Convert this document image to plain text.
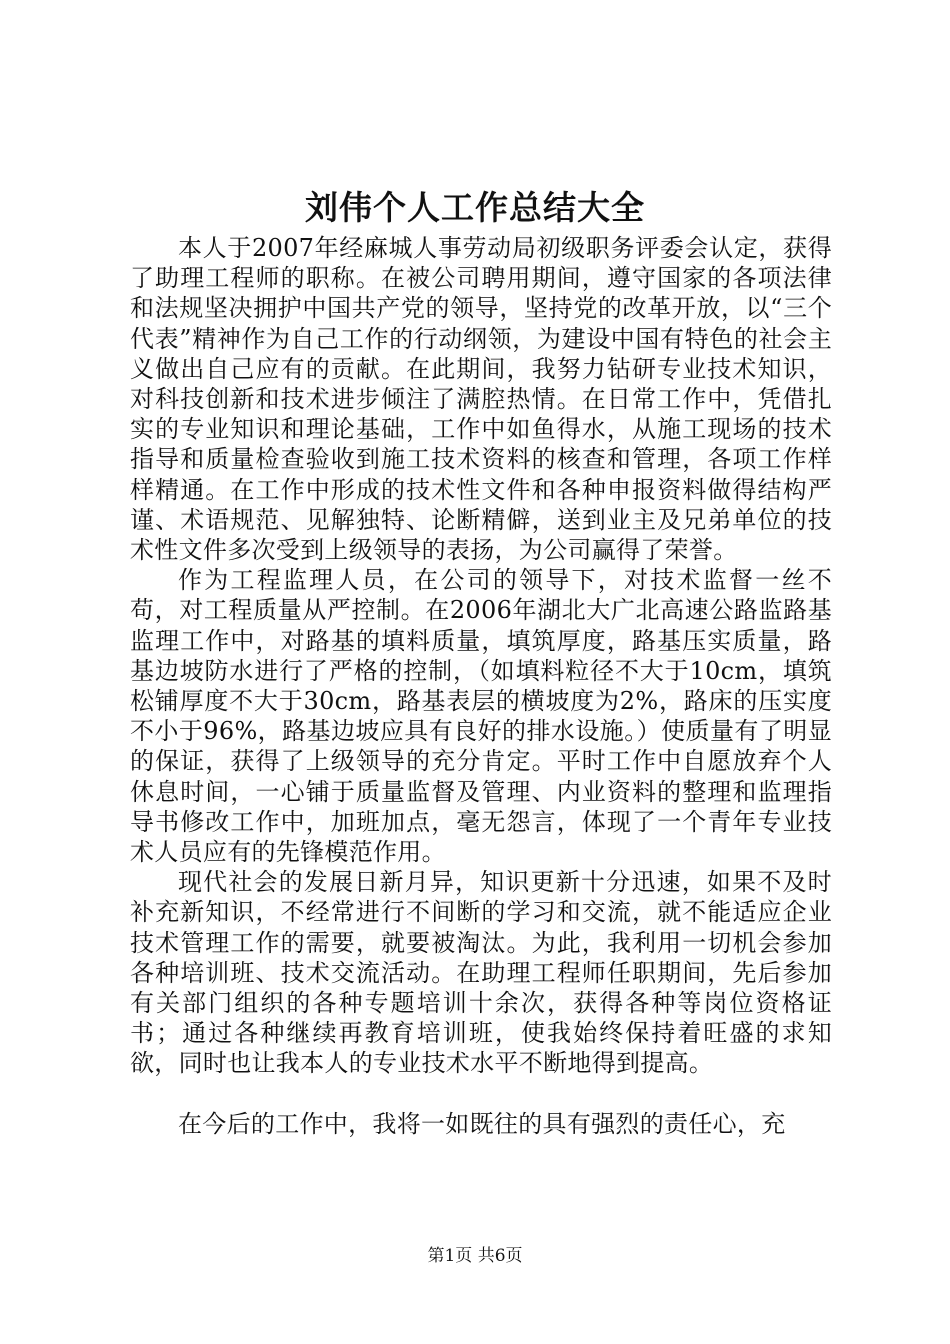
刘伟个人工作总结大全

本人于2007年经麻城人事劳动局初级职务评委会认定，获得了助理工程师的职称。在被公司聘用期间，遵守国家的各项法律和法规坚决拥护中国共产党的领导，坚持党的改革开放，以“三个代表”精神作为自己工作的行动纲领，为建设中国有特色的社会主义做出自己应有的贡献。在此期间，我努力钻研专业技术知识，对科技创新和技术进步倾注了满腔热情。在日常工作中，凭借扎实的专业知识和理论基础，工作中如鱼得水，从施工现场的技术指导和质量检查验收到施工技术资料的核查和管理，各项工作样样精通。在工作中形成的技术性文件和各种申报资料做得结构严谨、术语规范、见解独特、论断精僻，送到业主及兄弟单位的技术性文件多次受到上级领导的表扬，为公司赢得了荣誉。

作为工程监理人员，在公司的领导下，对技术监督一丝不苟，对工程质量从严控制。在2006年湖北大广北高速公路监路基监理工作中，对路基的填料质量，填筑厚度，路基压实质量，路基边坡防水进行了严格的控制，（如填料粒径不大于10cm，填筑松铺厚度不大于30cm，路基表层的横坡度为2%，路床的压实度不小于96%，路基边坡应具有良好的排水设施。）使质量有了明显的保证，获得了上级领导的充分肯定。平时工作中自愿放弃个人休息时间，一心铺于质量监督及管理、内业资料的整理和监理指导书修改工作中，加班加点，毫无怨言，体现了一个青年专业技术人员应有的先锋模范作用。

现代社会的发展日新月异，知识更新十分迅速，如果不及时补充新知识，不经常进行不间断的学习和交流，就不能适应企业技术管理工作的需要，就要被淘汰。为此，我利用一切机会参加各种培训班、技术交流活动。在助理工程师任职期间，先后参加有关部门组织的各种专题培训十余次，获得各种等岗位资格证书；通过各种继续再教育培训班，使我始终保持着旺盛的求知欲，同时也让我本人的专业技术水平不断地得到提高。

在今后的工作中，我将一如既往的具有强烈的责任心，充

第1页 共6页
